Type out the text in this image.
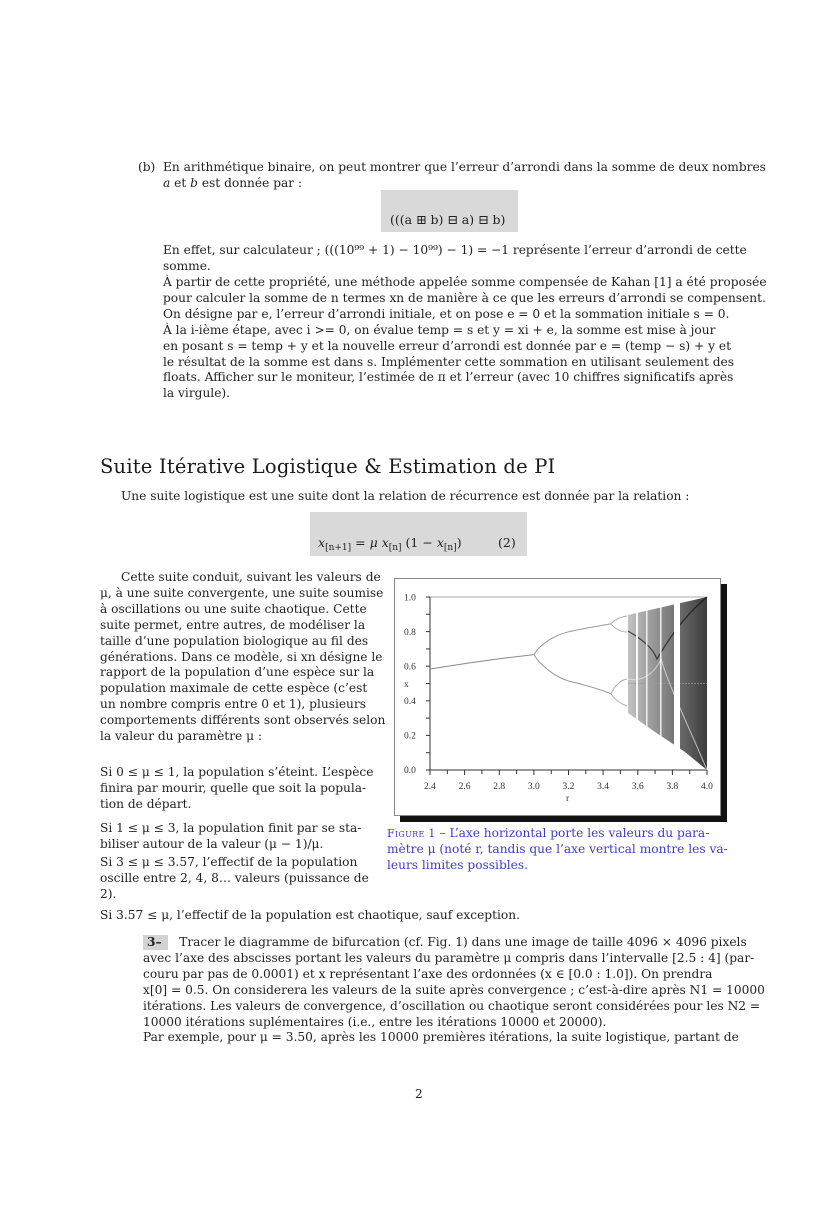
(b) En arithmétique binaire, on peut montrer que l’erreur d’arrondi dans la somme de deux nombres
a et b est donnée par :
(((a ⊞ b) ⊟ a) ⊟ b)
En effet, sur calculateur ; (((10⁹⁹ + 1) − 10⁹⁹) − 1) = −1 représente l’erreur d’arrondi de cette
somme.
À partir de cette propriété, une méthode appelée somme compensée de Kahan [1] a été proposée
pour calculer la somme de n termes xn de manière à ce que les erreurs d’arrondi se compensent.
On désigne par e, l’erreur d’arrondi initiale, et on pose e = 0 et la sommation initiale s = 0.
À la i-ième étape, avec i >= 0, on évalue temp = s et y = xi + e, la somme est mise à jour
en posant s = temp + y et la nouvelle erreur d’arrondi est donnée par e = (temp − s) + y et
le résultat de la somme est dans s. Implémenter cette sommation en utilisant seulement des
floats. Afficher sur le moniteur, l’estimée de π et l’erreur (avec 10 chiffres significatifs après
la virgule).
Suite Itérative Logistique & Estimation de PI
Une suite logistique est une suite dont la relation de récurrence est donnée par la relation :
$x_{[n+1]} = \mu$ $x_{[n]}$ $(1 - x_{[n]})$	(2)
Cette suite conduit, suivant les valeurs de
μ, à une suite convergente, une suite soumise
à oscillations ou une suite chaotique. Cette
suite permet, entre autres, de modéliser la
taille d’une population biologique au fil des
générations. Dans ce modèle, si xn désigne le
rapport de la population d’une espèce sur la
population maximale de cette espèce (c’est
un nombre compris entre 0 et 1), plusieurs
comportements différents sont observés selon
la valeur du paramètre μ :
Si 0 ≤ μ ≤ 1, la population s’éteint. L’espèce
finira par mourir, quelle que soit la popula-
tion de départ.
Si 1 ≤ μ ≤ 3, la population finit par se sta-
biliser autour de la valeur (μ − 1)/μ.
Si 3 ≤ μ ≤ 3.57, l’effectif de la population
oscille entre 2, 4, 8… valeurs (puissance de
2).
Si 3.57 ≤ μ, l’effectif de la population est chaotique, sauf exception.
0.0
0.2
0.4
0.6
0.8
1.0
x
2.4 2.6 2.8 3.0 3.2 3.4 3.6 3.8 4.0
r
Figure 1 – L’axe horizontal porte les valeurs du para-
mètre μ (noté r, tandis que l’axe vertical montre les va-
leurs limites possibles.
3– Tracer le diagramme de bifurcation (cf. Fig. 1) dans une image de taille 4096 × 4096 pixels
avec l’axe des abscisses portant les valeurs du paramètre μ compris dans l’intervalle [2.5 : 4] (par-
couru par pas de 0.0001) et x représentant l’axe des ordonnées (x ∈ [0.0 : 1.0]). On prendra
x[0] = 0.5. On considerera les valeurs de la suite après convergence ; c’est-à-dire après N1 = 10000
itérations. Les valeurs de convergence, d’oscillation ou chaotique seront considérées pour les N2 =
10000 itérations suplémentaires (i.e., entre les itérations 10000 et 20000).
Par exemple, pour μ = 3.50, après les 10000 premières itérations, la suite logistique, partant de
2
